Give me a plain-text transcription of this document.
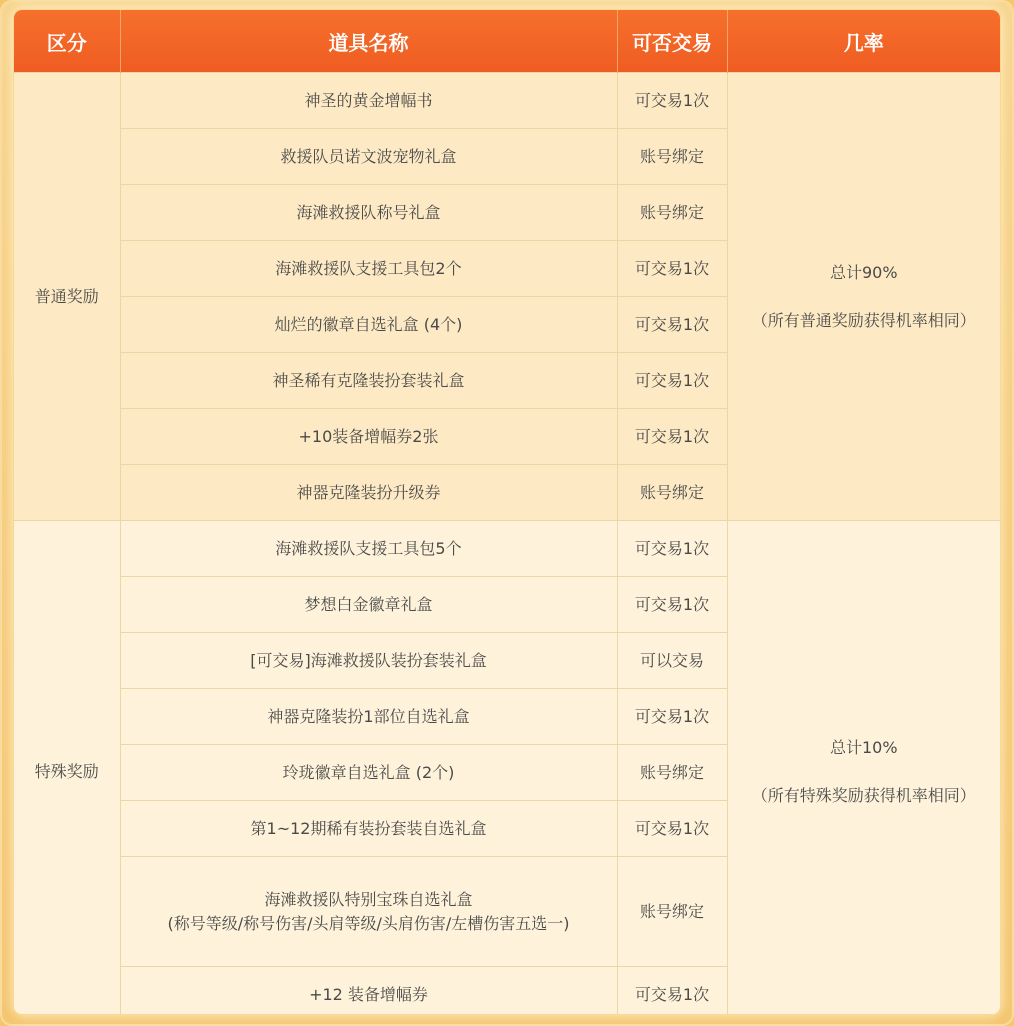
区分	道具名称	可否交易	几率
普通奖励	神圣的黄金增幅书	可交易1次	总计90%
（所有普通奖励获得机率相同）

	救援队员诺文波宠物礼盒	账号绑定	
	海滩救援队称号礼盒	账号绑定	
	海滩救援队支援工具包2个	可交易1次	
	灿烂的徽章自选礼盒 (4个)	可交易1次	
	神圣稀有克隆装扮套装礼盒	可交易1次	
	+10装备增幅券2张	可交易1次	
	神器克隆装扮升级券	账号绑定	
特殊奖励	海滩救援队支援工具包5个	可交易1次	总计10%
（所有特殊奖励获得机率相同）

	梦想白金徽章礼盒	可交易1次	
	[可交易]海滩救援队装扮套装礼盒	可以交易	
	神器克隆装扮1部位自选礼盒	可交易1次	
	玲珑徽章自选礼盒 (2个)	账号绑定	
	第1~12期稀有装扮套装自选礼盒	可交易1次	

	海滩救援队特别宝珠自选礼盒
(称号等级/称号伤害/头肩等级/头肩伤害/左槽伤害五选一)	账号绑定	
	+12 装备增幅券	可交易1次	
